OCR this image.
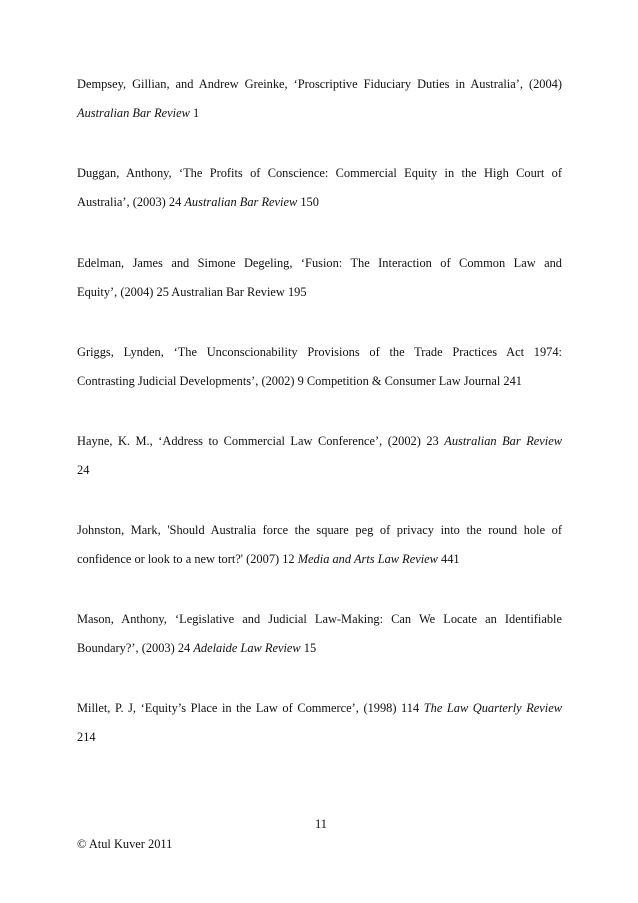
Dempsey, Gillian, and Andrew Greinke, ‘Proscriptive Fiduciary Duties in Australia’, (2004)
Australian Bar Review 1
Duggan, Anthony, ‘The Profits of Conscience: Commercial Equity in the High Court of
Australia’, (2003) 24 Australian Bar Review 150
Edelman, James and Simone Degeling, ‘Fusion: The Interaction of Common Law and
Equity’, (2004) 25 Australian Bar Review 195
Griggs, Lynden, ‘The Unconscionability Provisions of the Trade Practices Act 1974:
Contrasting Judicial Developments’, (2002) 9 Competition & Consumer Law Journal 241
Hayne, K. M., ‘Address to Commercial Law Conference’, (2002) 23 Australian Bar Review
24
Johnston, Mark, 'Should Australia force the square peg of privacy into the round hole of
confidence or look to a new tort?' (2007) 12 Media and Arts Law Review 441
Mason, Anthony, ‘Legislative and Judicial Law-Making: Can We Locate an Identifiable
Boundary?’, (2003) 24 Adelaide Law Review 15
Millet, P. J, ‘Equity’s Place in the Law of Commerce’, (1998) 114 The Law Quarterly Review
214
11
© Atul Kuver 2011
